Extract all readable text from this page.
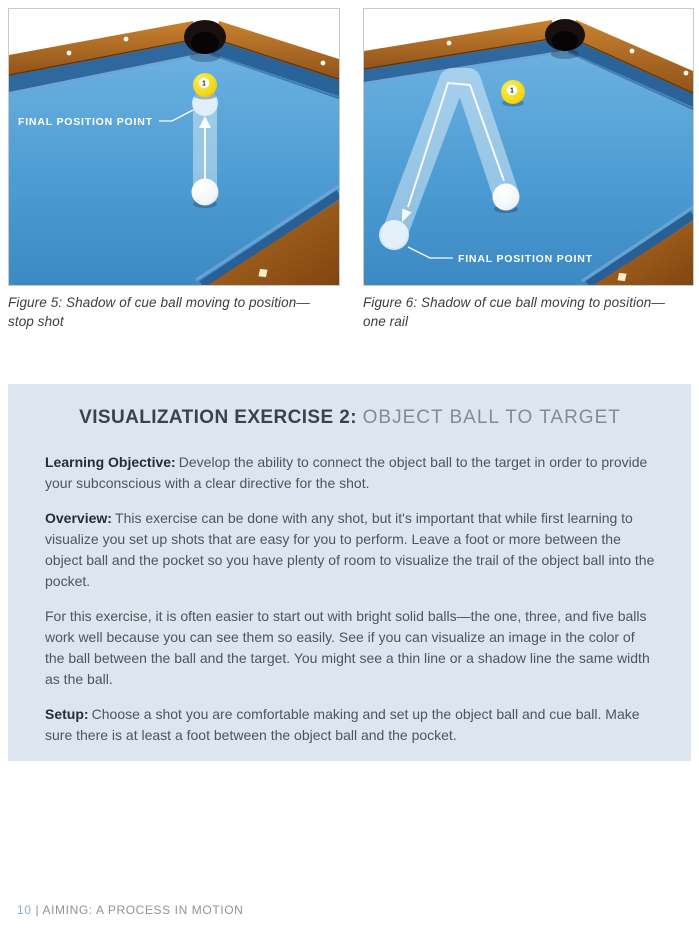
1
FINAL POSITION POINT
Figure 5: Shadow of cue ball moving to position—
stop shot
1
FINAL POSITION POINT
Figure 6: Shadow of cue ball moving to position—
one rail
VISUALIZATION EXERCISE 2: OBJECT BALL TO TARGET

Learning Objective: Develop the ability to connect the object ball to the target in order to provide your subconscious with a clear directive for the shot.

Overview: This exercise can be done with any shot, but it's important that while first learning to visualize you set up shots that are easy for you to perform. Leave a foot or more between the object ball and the pocket so you have plenty of room to visualize the trail of the object ball into the pocket.

For this exercise, it is often easier to start out with bright solid balls—the one, three, and five balls work well because you can see them so easily. See if you can visualize an image in the color of the ball between the ball and the target. You might see a thin line or a shadow line the same width as the ball.

Setup: Choose a shot you are comfortable making and set up the object ball and cue ball. Make sure there is at least a foot between the object ball and the pocket.

10 | AIMING: A PROCESS IN MOTION
